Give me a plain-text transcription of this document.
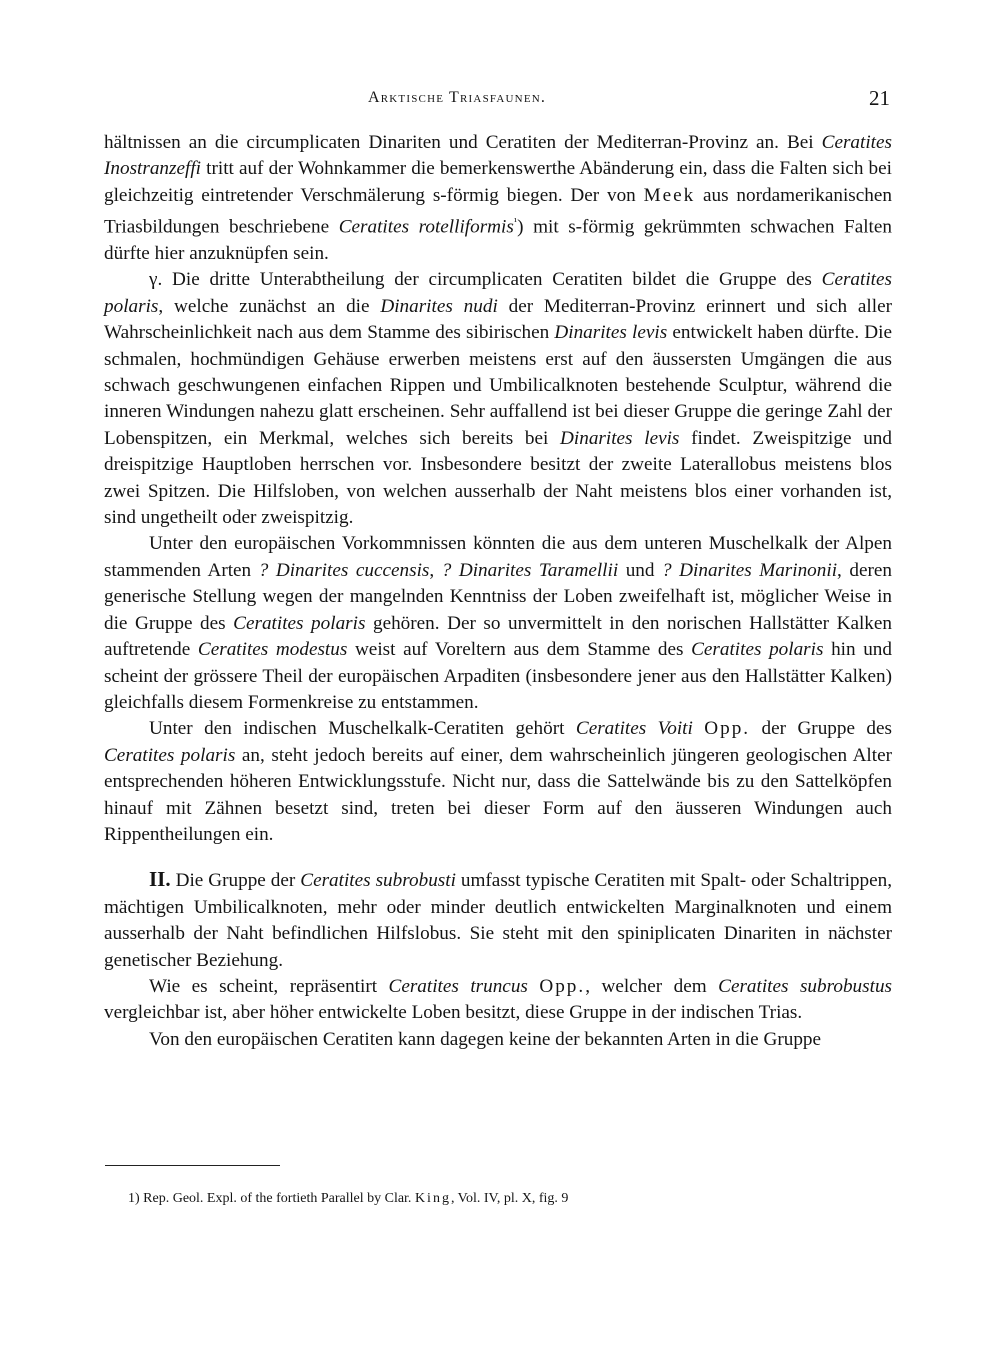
Arktische Triasfaunen.	21

hältnissen an die circumplicaten Dinariten und Ceratiten der Mediterran-Provinz an. Bei Ceratites Inostranzeffi tritt auf der Wohnkammer die bemerkenswerthe Abänderung ein, dass die Falten sich bei gleichzeitig eintretender Verschmälerung s-förmig biegen. Der von Meek aus nordamerikanischen Triasbildungen beschriebene Ceratites rotelliformis$^{^1}$) mit s-förmig gekrümmten schwachen Falten dürfte hier anzuknüpfen sein.

γ. Die dritte Unterabtheilung der circumplicaten Ceratiten bildet die Gruppe des Ceratites polaris, welche zunächst an die Dinarites nudi der Mediterran-Provinz erinnert und sich aller Wahrscheinlichkeit nach aus dem Stamme des sibirischen Dinarites levis entwickelt haben dürfte. Die schmalen, hochmündigen Gehäuse erwerben meistens erst auf den äussersten Umgängen die aus schwach geschwungenen einfachen Rippen und Umbilicalknoten bestehende Sculptur, während die inneren Windungen nahezu glatt erscheinen. Sehr auffallend ist bei dieser Gruppe die geringe Zahl der Lobenspitzen, ein Merkmal, welches sich bereits bei Dinarites levis findet. Zweispitzige und dreispitzige Hauptloben herrschen vor. Insbesondere besitzt der zweite Laterallobus meistens blos zwei Spitzen. Die Hilfsloben, von welchen ausserhalb der Naht meistens blos einer vorhanden ist, sind ungetheilt oder zweispitzig.

Unter den europäischen Vorkommnissen könnten die aus dem unteren Muschelkalk der Alpen stammenden Arten ? Dinarites cuccensis, ? Dinarites Taramellii und ? Dinarites Marinonii, deren generische Stellung wegen der mangelnden Kenntniss der Loben zweifelhaft ist, möglicher Weise in die Gruppe des Ceratites polaris gehören. Der so unvermittelt in den norischen Hallstätter Kalken auftretende Ceratites modestus weist auf Voreltern aus dem Stamme des Ceratites polaris hin und scheint der grössere Theil der europäischen Arpaditen (insbesondere jener aus den Hallstätter Kalken) gleichfalls diesem Formenkreise zu entstammen.

Unter den indischen Muschelkalk-Ceratiten gehört Ceratites Voiti Opp. der Gruppe des Ceratites polaris an, steht jedoch bereits auf einer, dem wahrscheinlich jüngeren geologischen Alter entsprechenden höheren Entwicklungsstufe. Nicht nur, dass die Sattelwände bis zu den Sattelköpfen hinauf mit Zähnen besetzt sind, treten bei dieser Form auf den äusseren Windungen auch Rippentheilungen ein.

II. Die Gruppe der Ceratites subrobusti umfasst typische Ceratiten mit Spalt- oder Schaltrippen, mächtigen Umbilicalknoten, mehr oder minder deutlich entwickelten Marginalknoten und einem ausserhalb der Naht befindlichen Hilfslobus. Sie steht mit den spiniplicaten Dinariten in nächster genetischer Beziehung.

Wie es scheint, repräsentirt Ceratites truncus Opp., welcher dem Ceratites subrobustus vergleichbar ist, aber höher entwickelte Loben besitzt, diese Gruppe in der indischen Trias.

Von den europäischen Ceratiten kann dagegen keine der bekannten Arten in die Gruppe

1) Rep. Geol. Expl. of the fortieth Parallel by Clar. King, Vol. IV, pl. X, fig. 9
